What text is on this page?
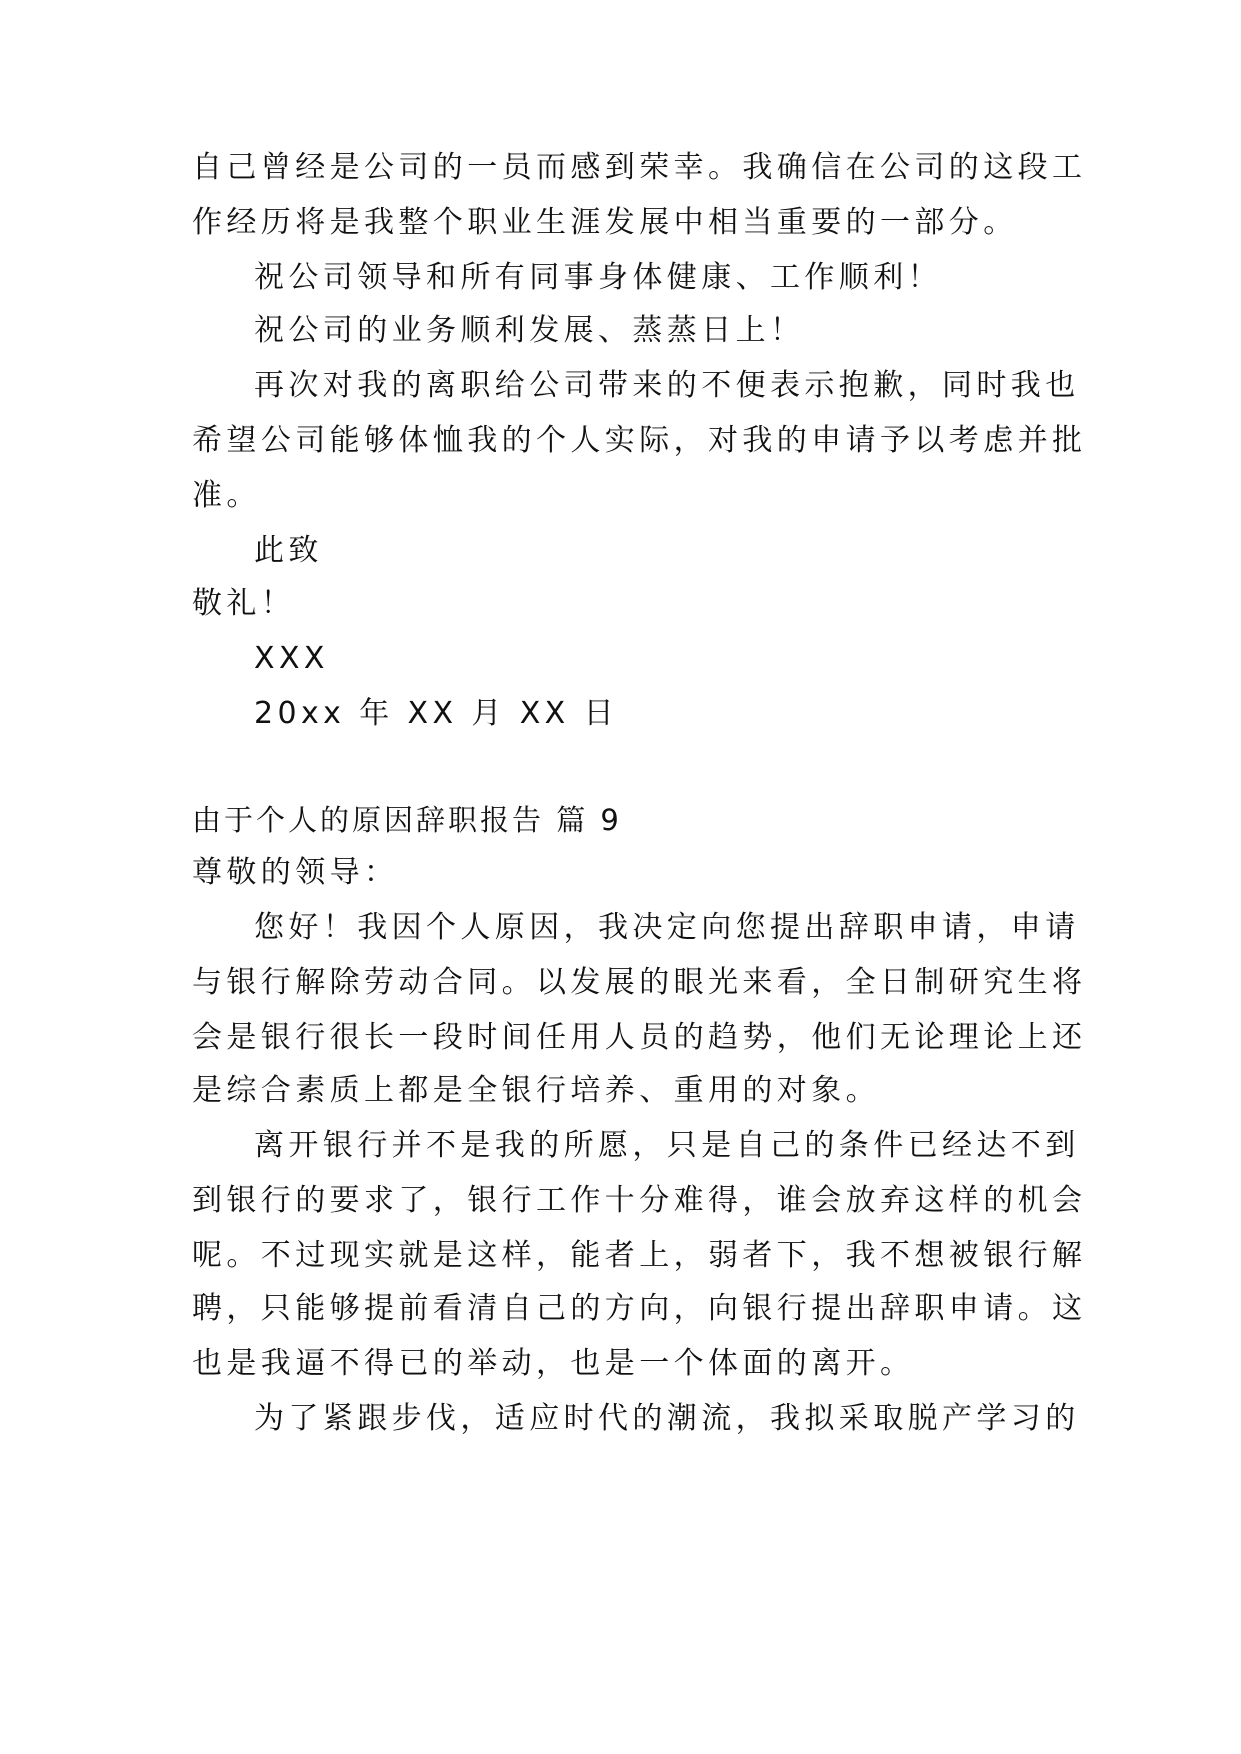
自己曾经是公司的一员而感到荣幸。我确信在公司的这段工
作经历将是我整个职业生涯发展中相当重要的一部分。
祝公司领导和所有同事身体健康、工作顺利！
祝公司的业务顺利发展、蒸蒸日上！
再次对我的离职给公司带来的不便表示抱歉，同时我也
希望公司能够体恤我的个人实际，对我的申请予以考虑并批
准。
此致
敬礼！
XXX
20xx 年 XX 月 XX 日
由于个人的原因辞职报告 篇 9
尊敬的领导：
您好！我因个人原因，我决定向您提出辞职申请，申请
与银行解除劳动合同。以发展的眼光来看，全日制研究生将
会是银行很长一段时间任用人员的趋势，他们无论理论上还
是综合素质上都是全银行培养、重用的对象。
离开银行并不是我的所愿，只是自己的条件已经达不到
到银行的要求了，银行工作十分难得，谁会放弃这样的机会
呢。不过现实就是这样，能者上，弱者下，我不想被银行解
聘，只能够提前看清自己的方向，向银行提出辞职申请。这
也是我逼不得已的举动，也是一个体面的离开。
为了紧跟步伐，适应时代的潮流，我拟采取脱产学习的
